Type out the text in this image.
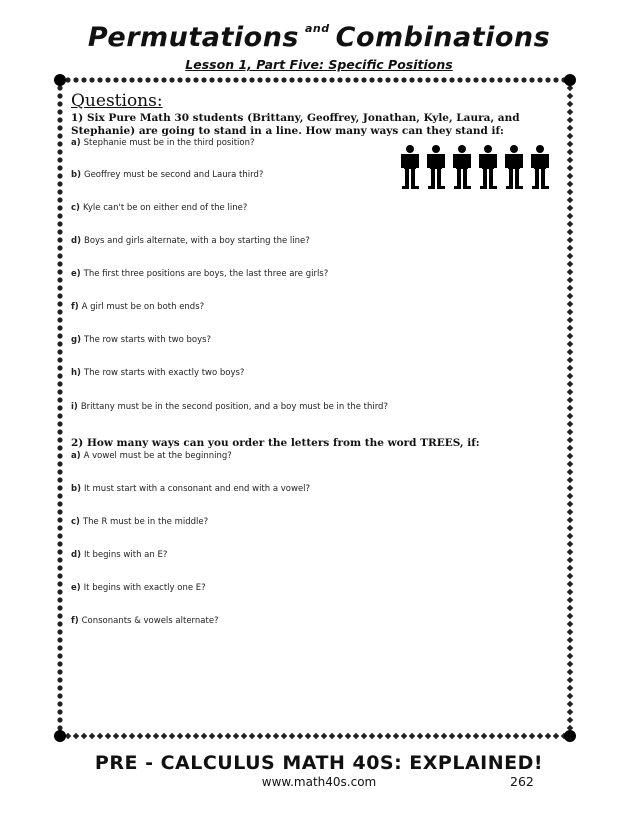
Permutations $^{and}$ Combinations
Lesson 1, Part Five: Specific Positions
Questions:
1) Six Pure Math 30 students (Brittany, Geoffrey, Jonathan, Kyle, Laura, and Stephanie) are going to stand in a line. How many ways can they stand if:
a) Stephanie must be in the third position?
b) Geoffrey must be second and Laura third?
c) Kyle can't be on either end of the line?
d) Boys and girls alternate, with a boy starting the line?
e) The first three positions are boys, the last three are girls?
f) A girl must be on both ends?
g) The row starts with two boys?
h) The row starts with exactly two boys?
i) Brittany must be in the second position, and a boy must be in the third?
2) How many ways can you order the letters from the word TREES, if:
a) A vowel must be at the beginning?
b) It must start with a consonant and end with a vowel?
c) The R must be in the middle?
d) It begins with an E?
e) It begins with exactly one E?
f) Consonants & vowels alternate?
PRE - CALCULUS MATH 40S: EXPLAINED!
www.math40s.com	262
